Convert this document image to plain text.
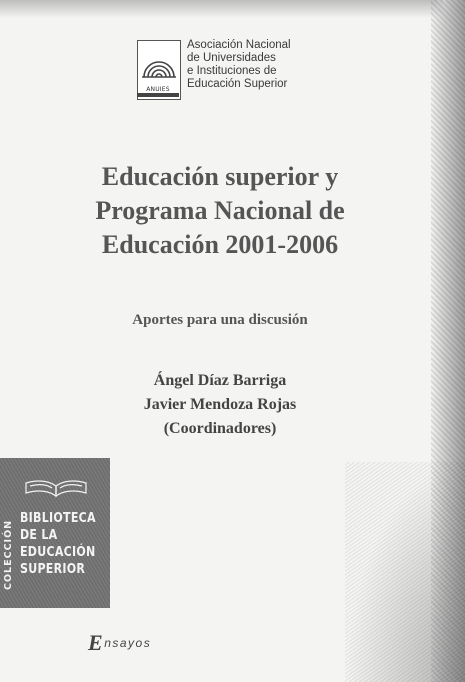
ANUIES
Asociación Nacional
de Universidades
e Instituciones de
Educación Superior
Educación superior y
Programa Nacional de
Educación 2001-2006
Aportes para una discusión
Ángel Díaz Barriga
Javier Mendoza Rojas
(Coordinadores)
COLECCIÓN
BIBLIOTECA
DE LA
EDUCACIÓN
SUPERIOR
Ensayos
